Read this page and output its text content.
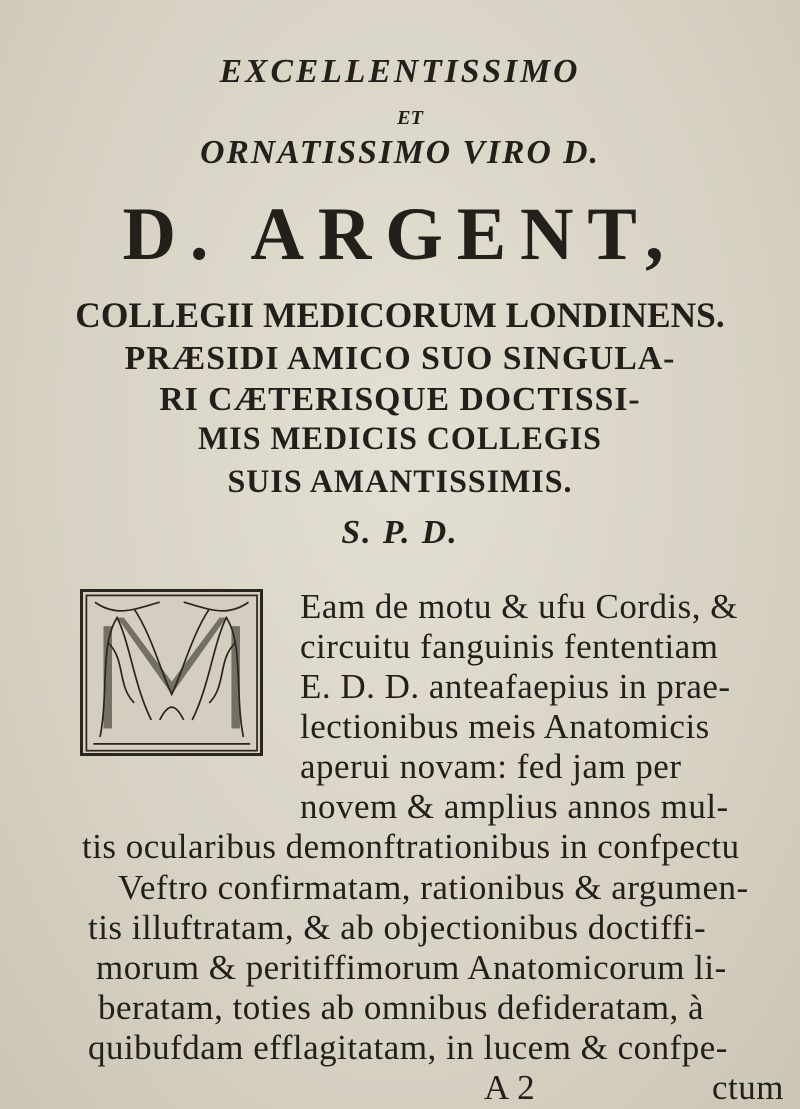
EXCELLENTISSIMO
ET
ORNATISSIMO VIRO D.
D. ARGENT,
COLLEGII MEDICORUM LONDINENS.
PRÆSIDI AMICO SUO SINGULA-
RI CÆTERISQUE DOCTISSI-
MIS MEDICIS COLLEGIS
SUIS AMANTISSIMIS.
S. P. D.
Eam de motu & ufu Cordis, &
circuitu fanguinis fententiam
E. D. D. anteafaepius in prae-
lectionibus meis Anatomicis
aperui novam: fed jam per
novem & amplius annos mul-
tis ocularibus demonftrationibus in confpectu
Veftro confirmatam, rationibus & argumen-
tis illuftratam, & ab objectionibus doctiffi-
morum & peritiffimorum Anatomicorum li-
beratam, toties ab omnibus defideratam, à
quibufdam efflagitatam, in lucem & confpe-
A 2	ctum
